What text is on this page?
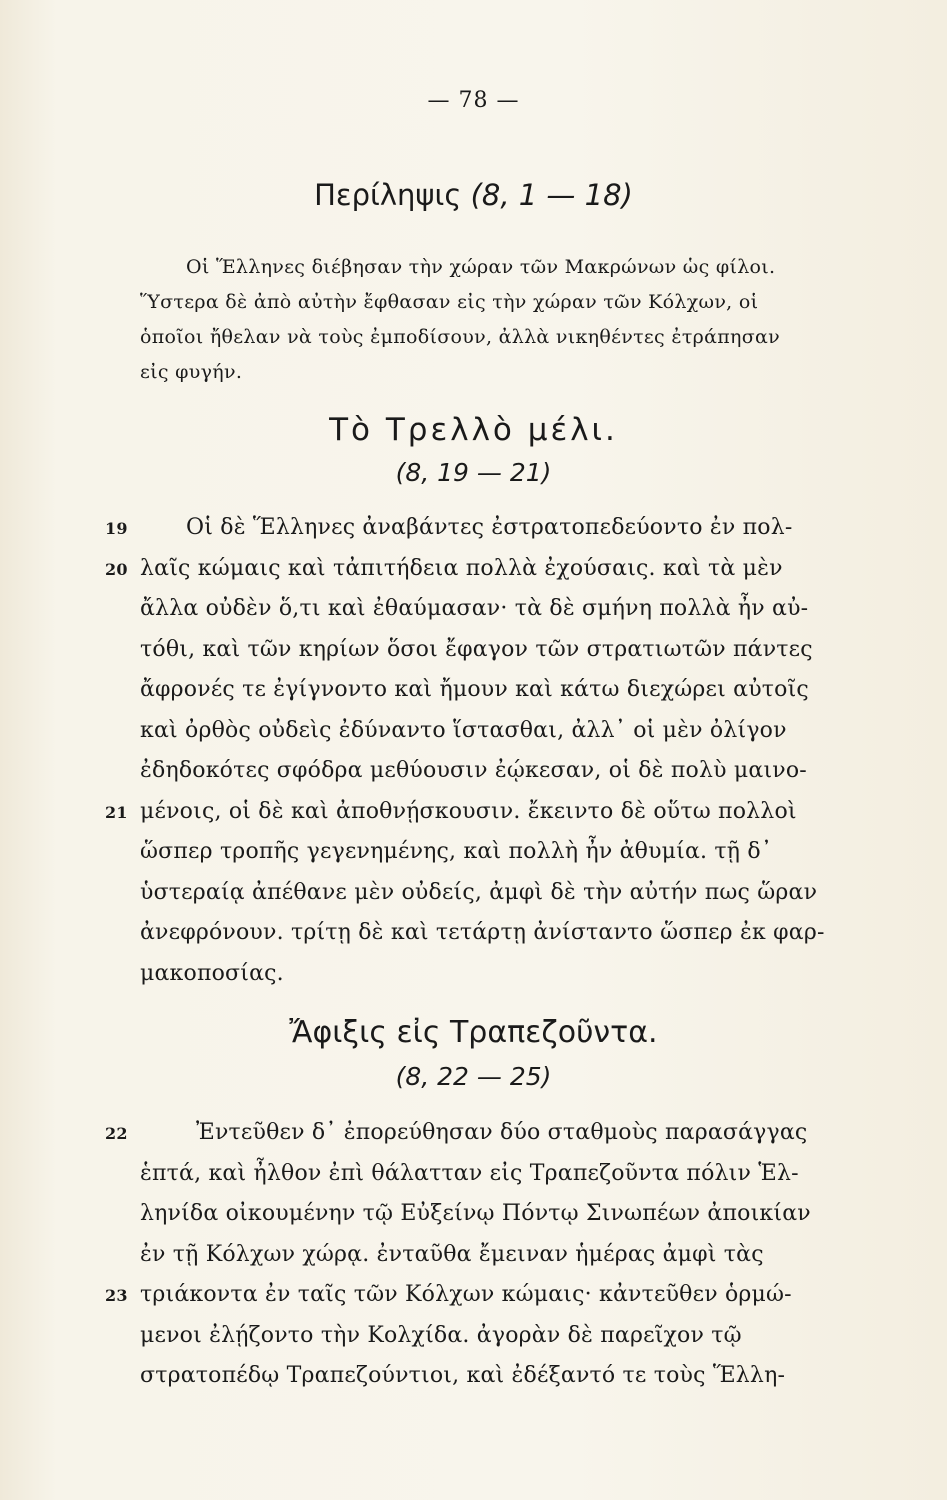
— 78 —
Περίληψις (8, 1 — 18)
Οἱ Ἕλληνες διέβησαν τὴν χώραν τῶν Μακρώνων ὡς φίλοι.
Ὕστερα δὲ ἀπὸ αὐτὴν ἔφθασαν εἰς τὴν χώραν τῶν Κόλχων, οἱ
ὁποῖοι ἤθελαν νὰ τοὺς ἐμποδίσουν, ἀλλὰ νικηθέντες ἐτράπησαν
εἰς φυγήν.
Τὸ Τρελλὸ μέλι.
(8, 19 — 21)
19	Οἱ δὲ Ἕλληνες ἀναβάντες ἐστρατοπεδεύοντο ἐν πολ-
20 λαῖς κώμαις καὶ τἀπιτήδεια πολλὰ ἐχούσαις. καὶ τὰ μὲν
ἄλλα οὐδὲν ὅ,τι καὶ ἐθαύμασαν· τὰ δὲ σμήνη πολλὰ ἦν αὐ-
τόθι, καὶ τῶν κηρίων ὅσοι ἔφαγον τῶν στρατιωτῶν πάντες
ἄφρονές τε ἐγίγνοντο καὶ ἤμουν καὶ κάτω διεχώρει αὐτοῖς
καὶ ὀρθὸς οὐδεὶς ἐδύναντο ἵστασθαι, ἀλλ᾽ οἱ μὲν ὀλίγον
ἐδηδοκότες σφόδρα μεθύουσιν ἐῴκεσαν, οἱ δὲ πολὺ μαινο-
21 μένοις, οἱ δὲ καὶ ἀποθνῄσκουσιν. ἔκειντο δὲ οὕτω πολλοὶ
ὥσπερ τροπῆς γεγενημένης, καὶ πολλὴ ἦν ἀθυμία. τῇ δ᾽
ὑστεραίᾳ ἀπέθανε μὲν οὐδείς, ἀμφὶ δὲ τὴν αὐτήν πως ὥραν
ἀνεφρόνουν. τρίτῃ δὲ καὶ τετάρτῃ ἀνίσταντο ὥσπερ ἐκ φαρ-
μακοποσίας.
Ἄφιξις εἰς Τραπεζοῦντα.
(8, 22 — 25)
22	Ἐντεῦθεν δ᾽ ἐπορεύθησαν δύο σταθμοὺς παρασάγγας
ἑπτά, καὶ ἦλθον ἐπὶ θάλατταν εἰς Τραπεζοῦντα πόλιν Ἑλ-
ληνίδα οἰκουμένην τῷ Εὐξείνῳ Πόντῳ Σινωπέων ἀποικίαν
ἐν τῇ Κόλχων χώρᾳ. ἐνταῦθα ἔμειναν ἡμέρας ἀμφὶ τὰς
23 τριάκοντα ἐν ταῖς τῶν Κόλχων κώμαις· κἀντεῦθεν ὁρμώ-
μενοι ἐλῄζοντο τὴν Κολχίδα. ἀγορὰν δὲ παρεῖχον τῷ
στρατοπέδῳ Τραπεζούντιοι, καὶ ἐδέξαντό τε τοὺς Ἕλλη-
